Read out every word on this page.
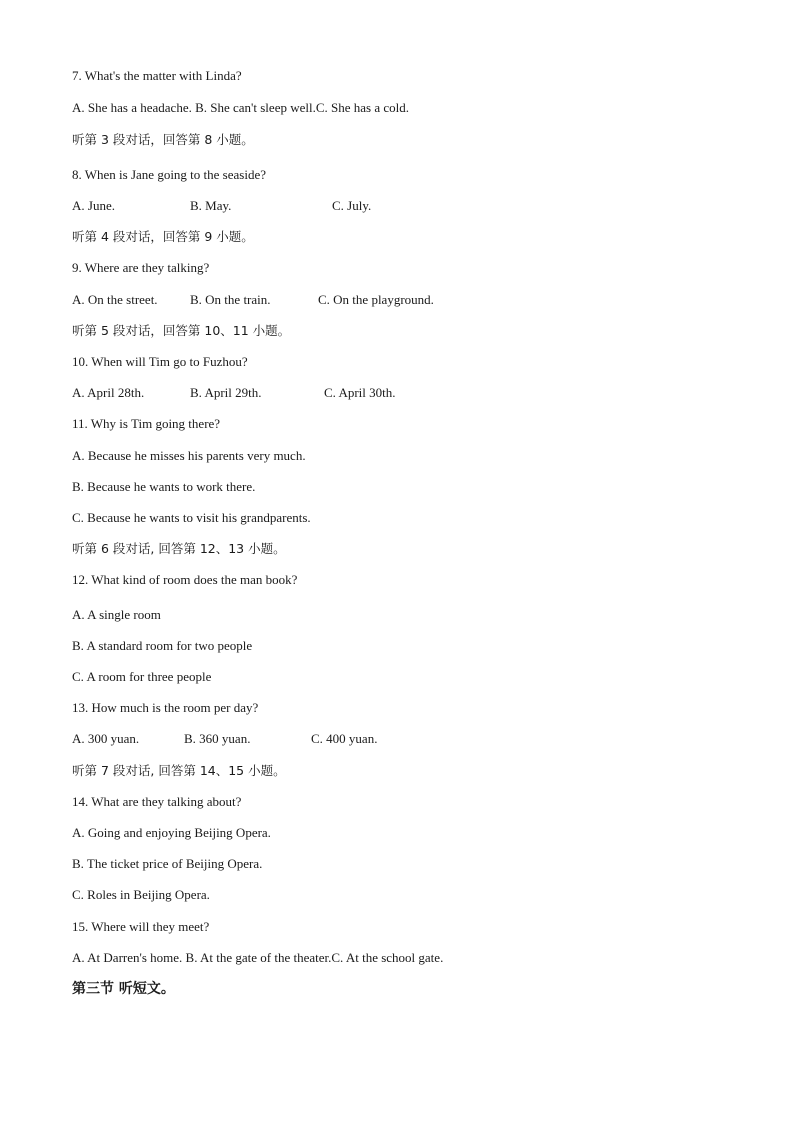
7. What's the matter with Linda?
A. She has a headache. B. She can't sleep well.C. She has a cold.
听第 3 段对话，回答第 8 小题。
8. When is Jane going to the seaside?
A. June.	B. May.	C. July.
听第 4 段对话，回答第 9 小题。
9. Where are they talking?
A. On the street. B. On the train.	C. On the playground.
听第 5 段对话，回答第 10、11 小题。
10. When will Tim go to Fuzhou?
A. April 28th.	B. April 29th.	C. April 30th.
11. Why is Tim going there?
A. Because he misses his parents very much.
B. Because he wants to work there.
C. Because he wants to visit his grandparents.
听第 6 段对话, 回答第 12、13 小题。
12. What kind of room does the man book?
A. A single room
B. A standard room for two people
C. A room for three people
13. How much is the room per day?
A. 300 yuan.	B. 360 yuan.	C. 400 yuan.
听第 7 段对话, 回答第 14、15 小题。
14. What are they talking about?
A. Going and enjoying Beijing Opera.
B. The ticket price of Beijing Opera.
C. Roles in Beijing Opera.
15. Where will they meet?
A. At Darren's home. B. At the gate of the theater.C. At the school gate.
第三节 听短文。
